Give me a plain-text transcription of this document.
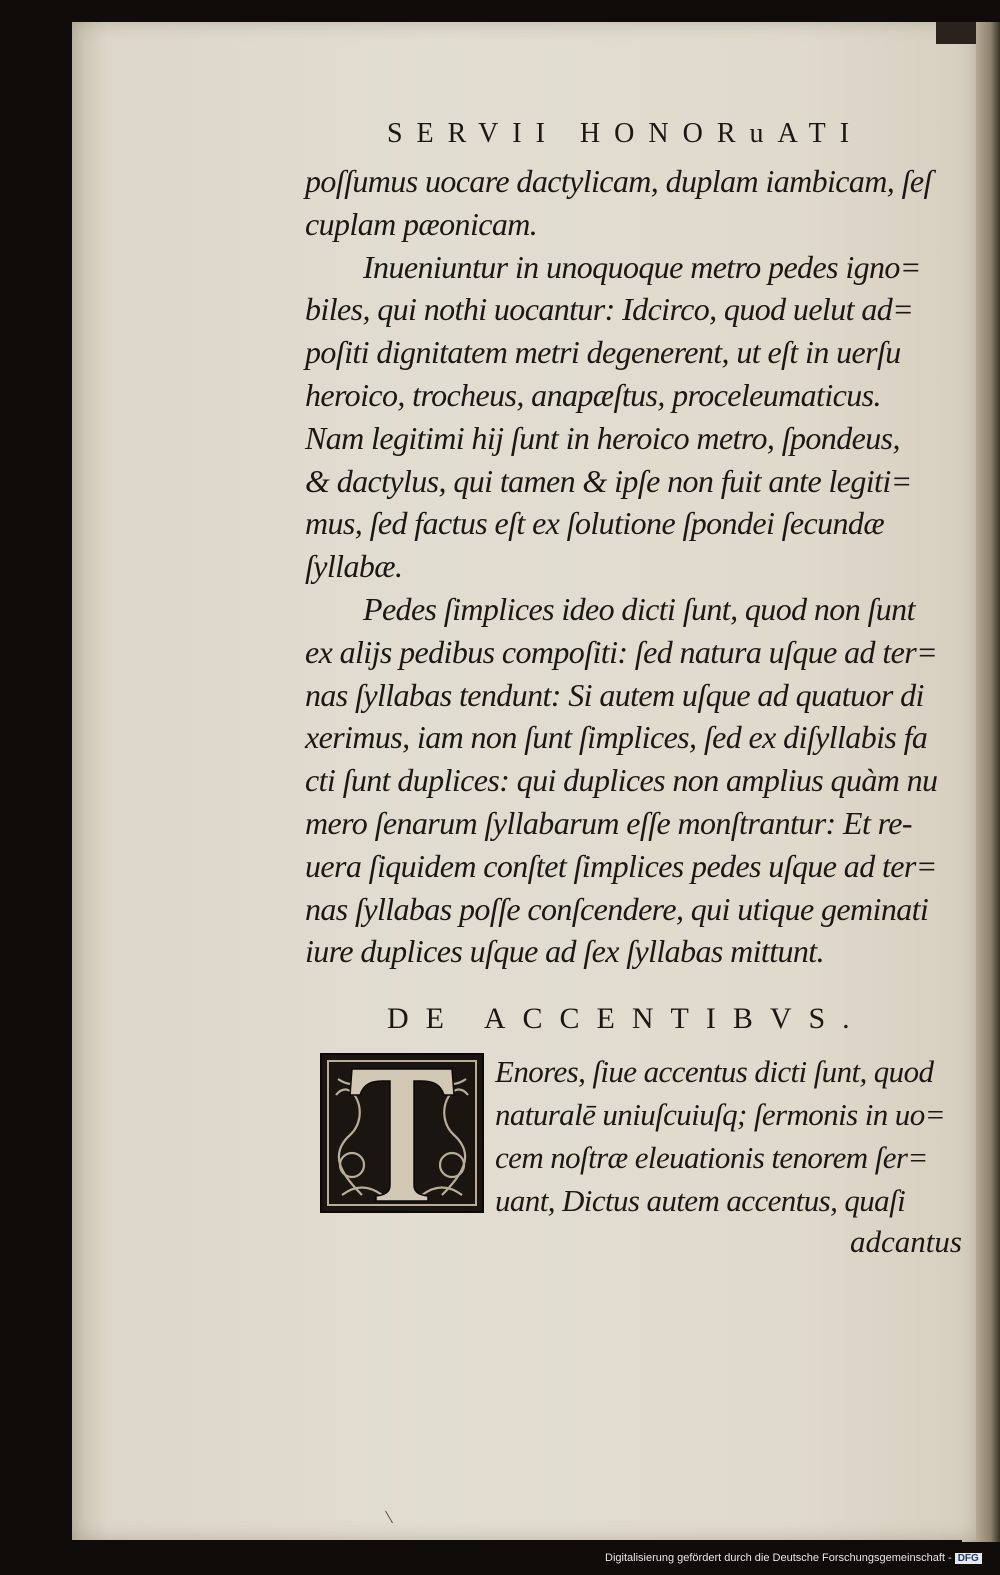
SERVII HONORuATI
poſſumus uocare dactylicam, duplam iambicam, ſeſ
cuplam pæonicam.
Inueniuntur in unoquoque metro pedes igno=
biles, qui nothi uocantur: Idcirco, quod uelut ad=
poſiti dignitatem metri degenerent, ut eſt in uerſu
heroico, trocheus, anapæſtus, proceleumaticus.
Nam legitimi hij ſunt in heroico metro, ſpondeus,
& dactylus, qui tamen & ipſe non fuit ante legiti=
mus, ſed factus eſt ex ſolutione ſpondei ſecundæ
ſyllabæ.
Pedes ſimplices ideo dicti ſunt, quod non ſunt
ex alijs pedibus compoſiti: ſed natura uſque ad ter=
nas ſyllabas tendunt: Si autem uſque ad quatuor di
xerimus, iam non ſunt ſimplices, ſed ex diſyllabis fa
cti ſunt duplices: qui duplices non amplius quàm nu
mero ſenarum ſyllabarum eſſe monſtrantur: Et re-
uera ſiquidem conſtet ſimplices pedes uſque ad ter=
nas ſyllabas poſſe conſcendere, qui utique geminati
iure duplices uſque ad ſex ſyllabas mittunt.
DE ACCENTIBVS.
Enores, ſiue accentus dicti ſunt, quod
naturalē uniuſcuiuſq; ſermonis in uo=
cem noſtræ eleuationis tenorem ſer=
uant, Dictus autem accentus, quaſi
adcantus
Digitalisierung gefördert durch die Deutsche Forschungsgemeinschaft - DFG
